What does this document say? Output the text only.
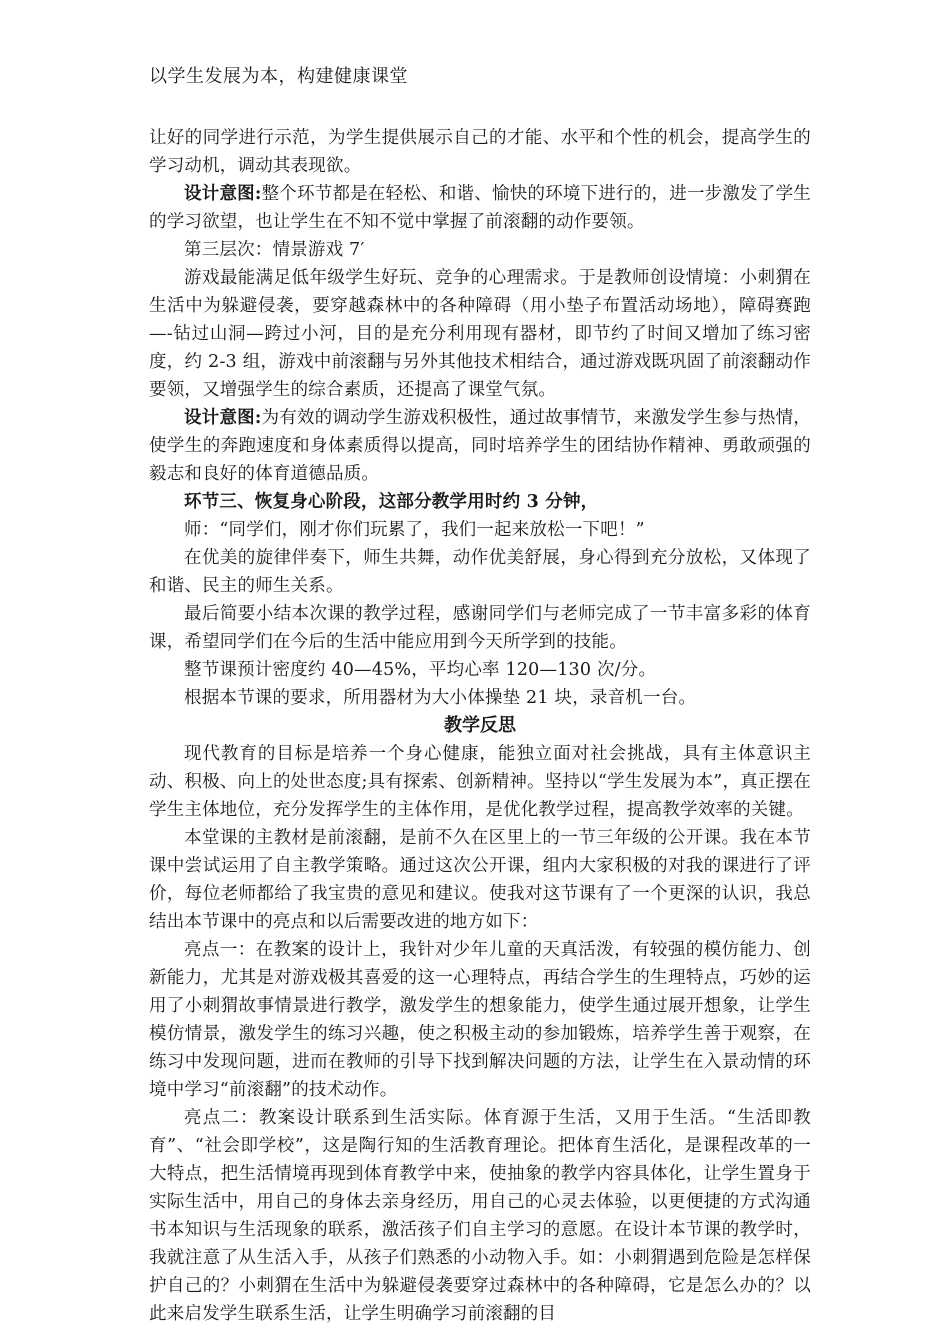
以学生发展为本，构建健康课堂

让好的同学进行示范，为学生提供展示自己的才能、水平和个性的机会，提高学生的学习动机，调动其表现欲。

设计意图:整个环节都是在轻松、和谐、愉快的环境下进行的，进一步激发了学生的学习欲望，也让学生在不知不觉中掌握了前滚翻的动作要领。

第三层次：情景游戏 7′

游戏最能满足低年级学生好玩、竞争的心理需求。于是教师创设情境：小刺猬在生活中为躲避侵袭，要穿越森林中的各种障碍（用小垫子布置活动场地），障碍赛跑—-钻过山洞—跨过小河，目的是充分利用现有器材，即节约了时间又增加了练习密度，约 2-3 组，游戏中前滚翻与另外其他技术相结合，通过游戏既巩固了前滚翻动作要领，又增强学生的综合素质，还提高了课堂气氛。

设计意图:为有效的调动学生游戏积极性，通过故事情节，来激发学生参与热情，使学生的奔跑速度和身体素质得以提高，同时培养学生的团结协作精神、勇敢顽强的毅志和良好的体育道德品质。

环节三、恢复身心阶段，这部分教学用时约 3 分钟，

师：“同学们，刚才你们玩累了，我们一起来放松一下吧！”

在优美的旋律伴奏下，师生共舞，动作优美舒展，身心得到充分放松，又体现了和谐、民主的师生关系。

最后简要小结本次课的教学过程，感谢同学们与老师完成了一节丰富多彩的体育课，希望同学们在今后的生活中能应用到今天所学到的技能。

整节课预计密度约 40—45%，平均心率 120—130 次/分。

根据本节课的要求，所用器材为大小体操垫 21 块，录音机一台。

教学反思

现代教育的目标是培养一个身心健康，能独立面对社会挑战，具有主体意识主动、积极、向上的处世态度;具有探索、创新精神。坚持以“学生发展为本”，真正摆在学生主体地位，充分发挥学生的主体作用，是优化教学过程，提高教学效率的关键。

本堂课的主教材是前滚翻，是前不久在区里上的一节三年级的公开课。我在本节课中尝试运用了自主教学策略。通过这次公开课，组内大家积极的对我的课进行了评价，每位老师都给了我宝贵的意见和建议。使我对这节课有了一个更深的认识，我总结出本节课中的亮点和以后需要改进的地方如下：

亮点一：在教案的设计上，我针对少年儿童的天真活泼，有较强的模仿能力、创新能力，尤其是对游戏极其喜爱的这一心理特点，再结合学生的生理特点，巧妙的运用了小刺猬故事情景进行教学，激发学生的想象能力，使学生通过展开想象，让学生模仿情景，激发学生的练习兴趣，使之积极主动的参加锻炼，培养学生善于观察，在练习中发现问题，进而在教师的引导下找到解决问题的方法，让学生在入景动情的环境中学习“前滚翻”的技术动作。

亮点二：教案设计联系到生活实际。体育源于生活，又用于生活。“生活即教育”、“社会即学校”，这是陶行知的生活教育理论。把体育生活化，是课程改革的一大特点，把生活情境再现到体育教学中来，使抽象的教学内容具体化，让学生置身于实际生活中，用自己的身体去亲身经历，用自己的心灵去体验，以更便捷的方式沟通书本知识与生活现象的联系，激活孩子们自主学习的意愿。在设计本节课的教学时，我就注意了从生活入手，从孩子们熟悉的小动物入手。如：小刺猬遇到危险是怎样保护自己的？小刺猬在生活中为躲避侵袭要穿过森林中的各种障碍，它是怎么办的？以此来启发学生联系生活，让学生明确学习前滚翻的目
